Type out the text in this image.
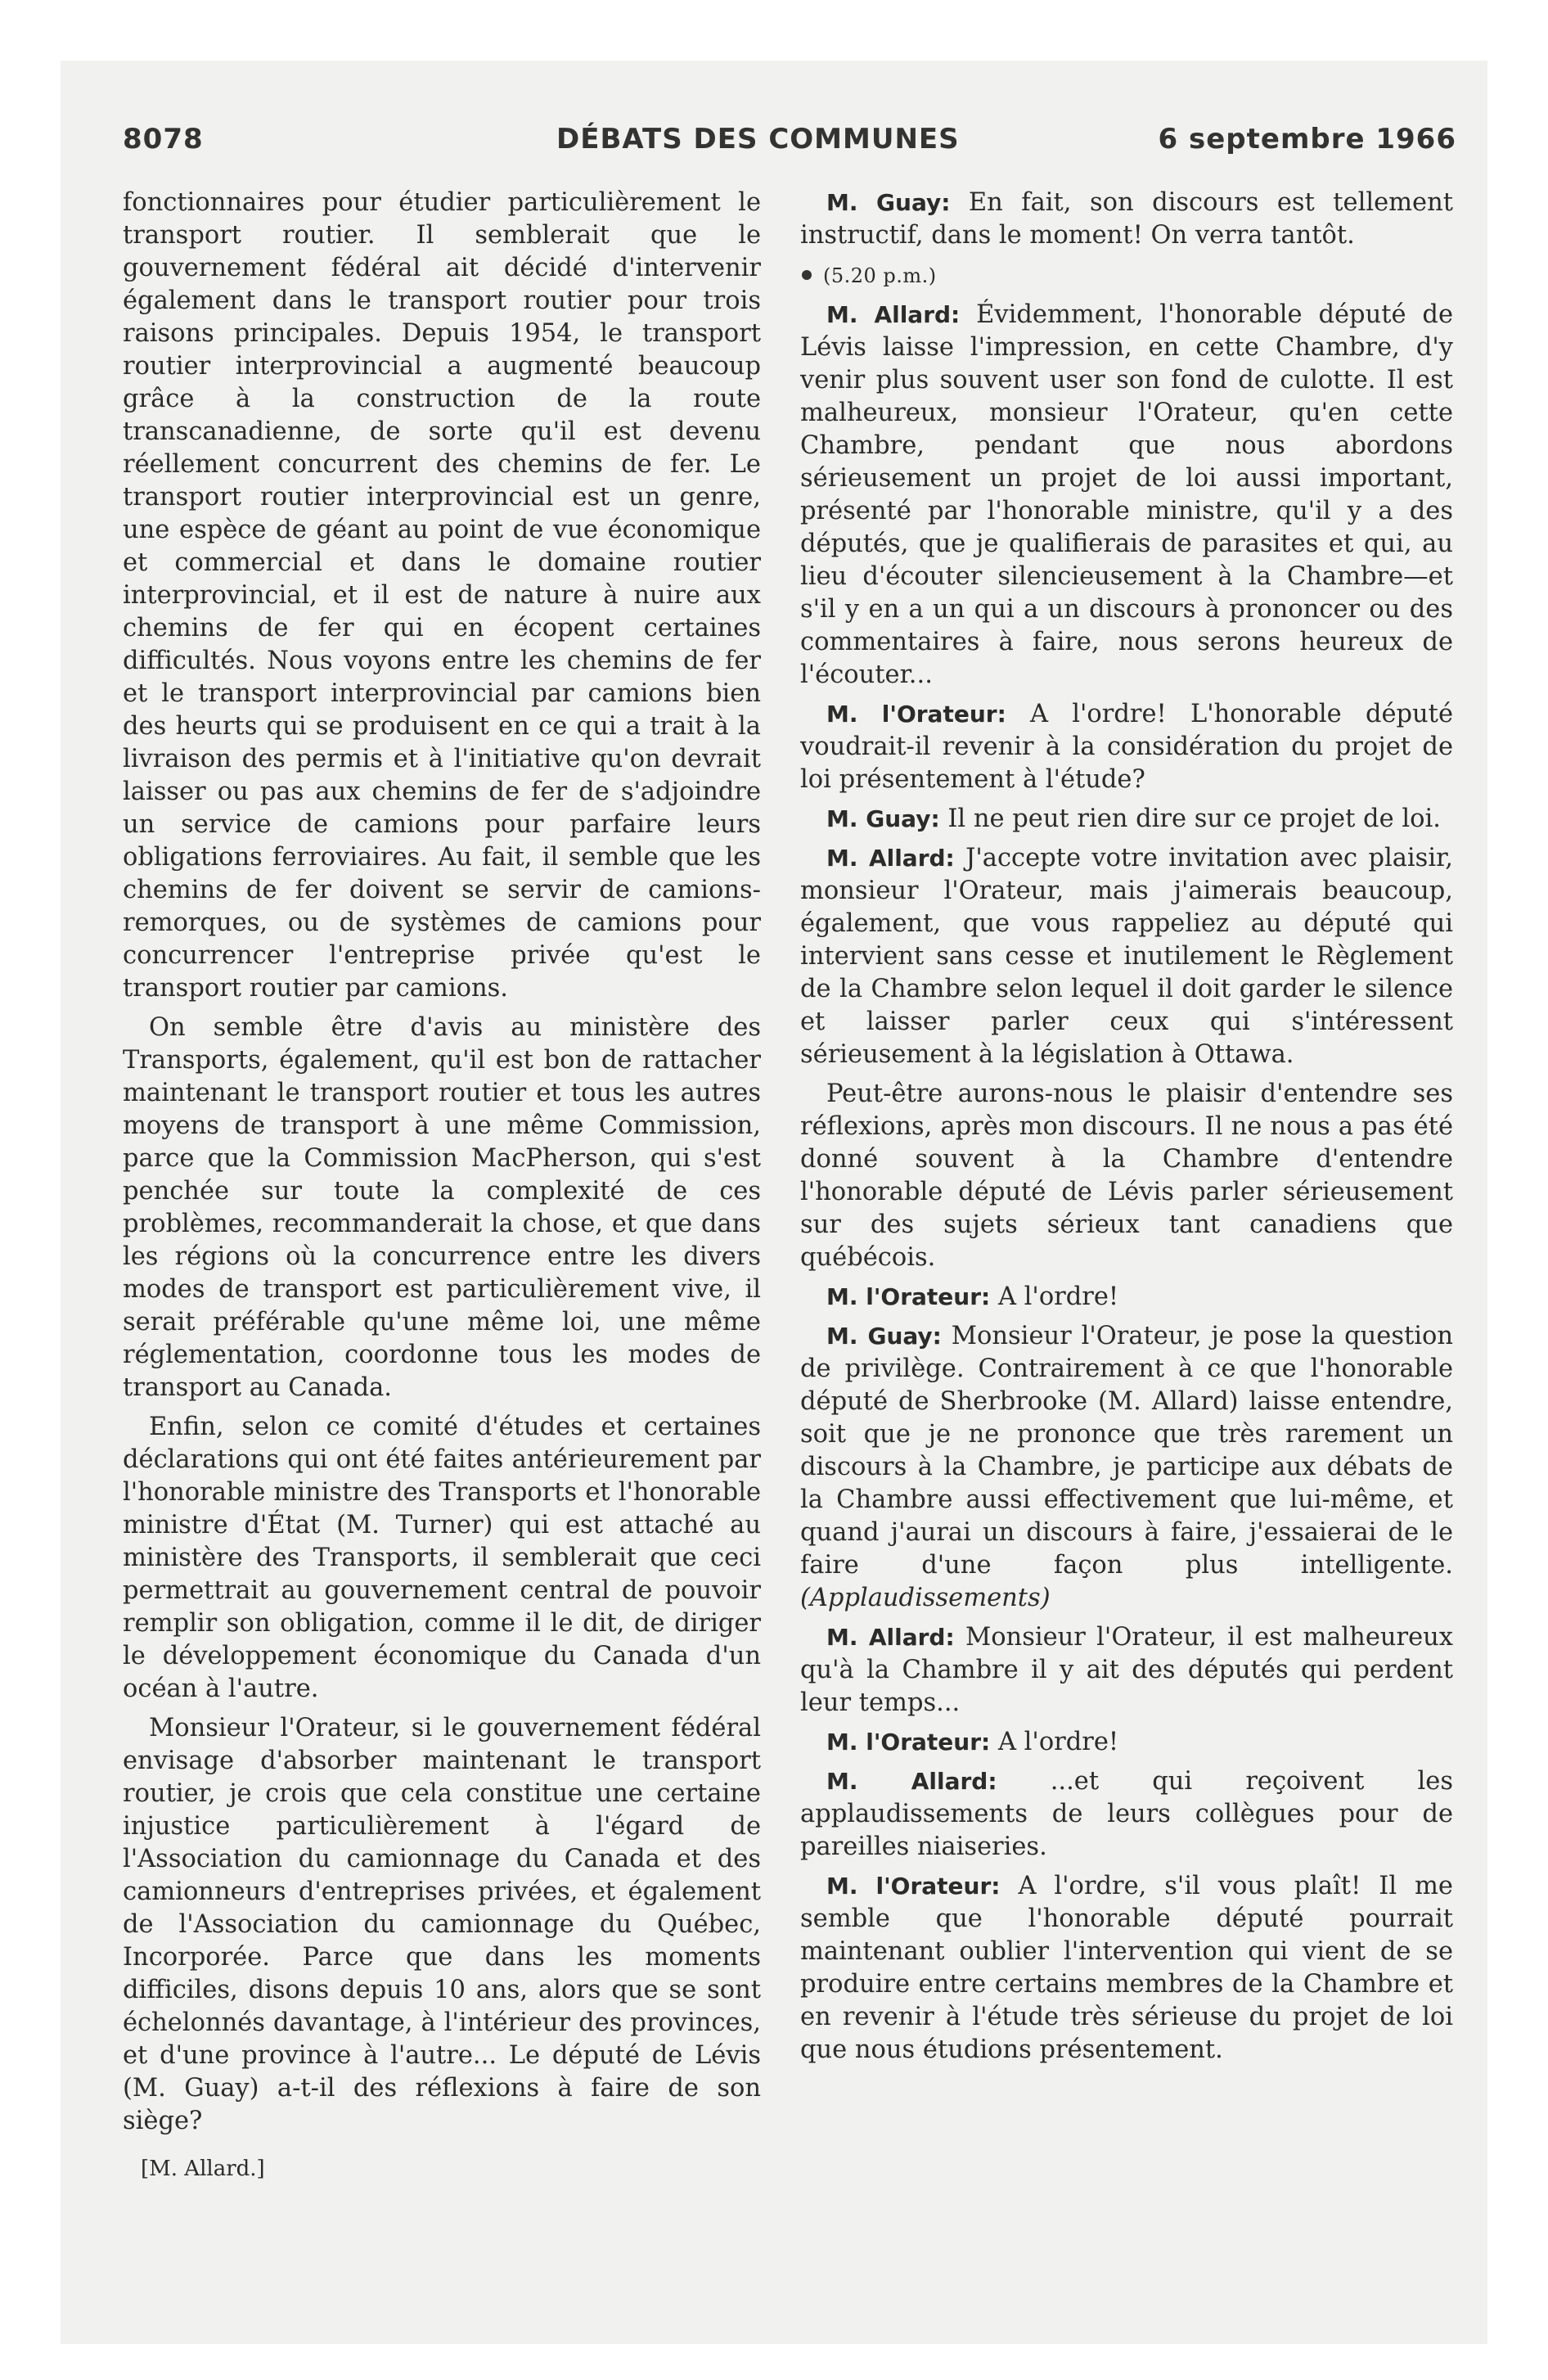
8078	DÉBATS DES COMMUNES	6 septembre 1966

fonctionnaires pour étudier particulièrement le transport routier. Il semblerait que le gouvernement fédéral ait décidé d'intervenir également dans le transport routier pour trois raisons principales. Depuis 1954, le transport routier interprovincial a augmenté beaucoup grâce à la construction de la route transcanadienne, de sorte qu'il est devenu réellement concurrent des chemins de fer. Le transport routier interprovincial est un genre, une espèce de géant au point de vue économique et commercial et dans le domaine routier interprovincial, et il est de nature à nuire aux chemins de fer qui en écopent certaines difficultés. Nous voyons entre les chemins de fer et le transport interprovincial par camions bien des heurts qui se produisent en ce qui a trait à la livraison des permis et à l'initiative qu'on devrait laisser ou pas aux chemins de fer de s'adjoindre un service de camions pour parfaire leurs obligations ferroviaires. Au fait, il semble que les chemins de fer doivent se servir de camions-remorques, ou de systèmes de camions pour concurrencer l'entreprise privée qu'est le transport routier par camions.

On semble être d'avis au ministère des Transports, également, qu'il est bon de rattacher maintenant le transport routier et tous les autres moyens de transport à une même Commission, parce que la Commission MacPherson, qui s'est penchée sur toute la complexité de ces problèmes, recommanderait la chose, et que dans les régions où la concurrence entre les divers modes de transport est particulièrement vive, il serait préférable qu'une même loi, une même réglementation, coordonne tous les modes de transport au Canada.

Enfin, selon ce comité d'études et certaines déclarations qui ont été faites antérieurement par l'honorable ministre des Transports et l'honorable ministre d'État (M. Turner) qui est attaché au ministère des Transports, il semblerait que ceci permettrait au gouvernement central de pouvoir remplir son obligation, comme il le dit, de diriger le développement économique du Canada d'un océan à l'autre.

Monsieur l'Orateur, si le gouvernement fédéral envisage d'absorber maintenant le transport routier, je crois que cela constitue une certaine injustice particulièrement à l'égard de l'Association du camionnage du Canada et des camionneurs d'entreprises privées, et également de l'Association du camionnage du Québec, Incorporée. Parce que dans les moments difficiles, disons depuis 10 ans, alors que se sont échelonnés davantage, à l'intérieur des provinces, et d'une province à l'autre... Le député de Lévis (M. Guay) a-t-il des réflexions à faire de son siège?

[M. Allard.]

M. Guay: En fait, son discours est tellement instructif, dans le moment! On verra tantôt.

(5.20 p.m.)

M. Allard: Évidemment, l'honorable député de Lévis laisse l'impression, en cette Chambre, d'y venir plus souvent user son fond de culotte. Il est malheureux, monsieur l'Orateur, qu'en cette Chambre, pendant que nous abordons sérieusement un projet de loi aussi important, présenté par l'honorable ministre, qu'il y a des députés, que je qualifierais de parasites et qui, au lieu d'écouter silencieusement à la Chambre—et s'il y en a un qui a un discours à prononcer ou des commentaires à faire, nous serons heureux de l'écouter...

M. l'Orateur: A l'ordre! L'honorable député voudrait-il revenir à la considération du projet de loi présentement à l'étude?

M. Guay: Il ne peut rien dire sur ce projet de loi.

M. Allard: J'accepte votre invitation avec plaisir, monsieur l'Orateur, mais j'aimerais beaucoup, également, que vous rappeliez au député qui intervient sans cesse et inutilement le Règlement de la Chambre selon lequel il doit garder le silence et laisser parler ceux qui s'intéressent sérieusement à la législation à Ottawa.

Peut-être aurons-nous le plaisir d'entendre ses réflexions, après mon discours. Il ne nous a pas été donné souvent à la Chambre d'entendre l'honorable député de Lévis parler sérieusement sur des sujets sérieux tant canadiens que québécois.

M. l'Orateur: A l'ordre!

M. Guay: Monsieur l'Orateur, je pose la question de privilège. Contrairement à ce que l'honorable député de Sherbrooke (M. Allard) laisse entendre, soit que je ne prononce que très rarement un discours à la Chambre, je participe aux débats de la Chambre aussi effectivement que lui-même, et quand j'aurai un discours à faire, j'essaierai de le faire d'une façon plus intelligente. (Applaudissements)

M. Allard: Monsieur l'Orateur, il est malheureux qu'à la Chambre il y ait des députés qui perdent leur temps...

M. l'Orateur: A l'ordre!

M. Allard: ...et qui reçoivent les applaudissements de leurs collègues pour de pareilles niaiseries.

M. l'Orateur: A l'ordre, s'il vous plaît! Il me semble que l'honorable député pourrait maintenant oublier l'intervention qui vient de se produire entre certains membres de la Chambre et en revenir à l'étude très sérieuse du projet de loi que nous étudions présentement.
